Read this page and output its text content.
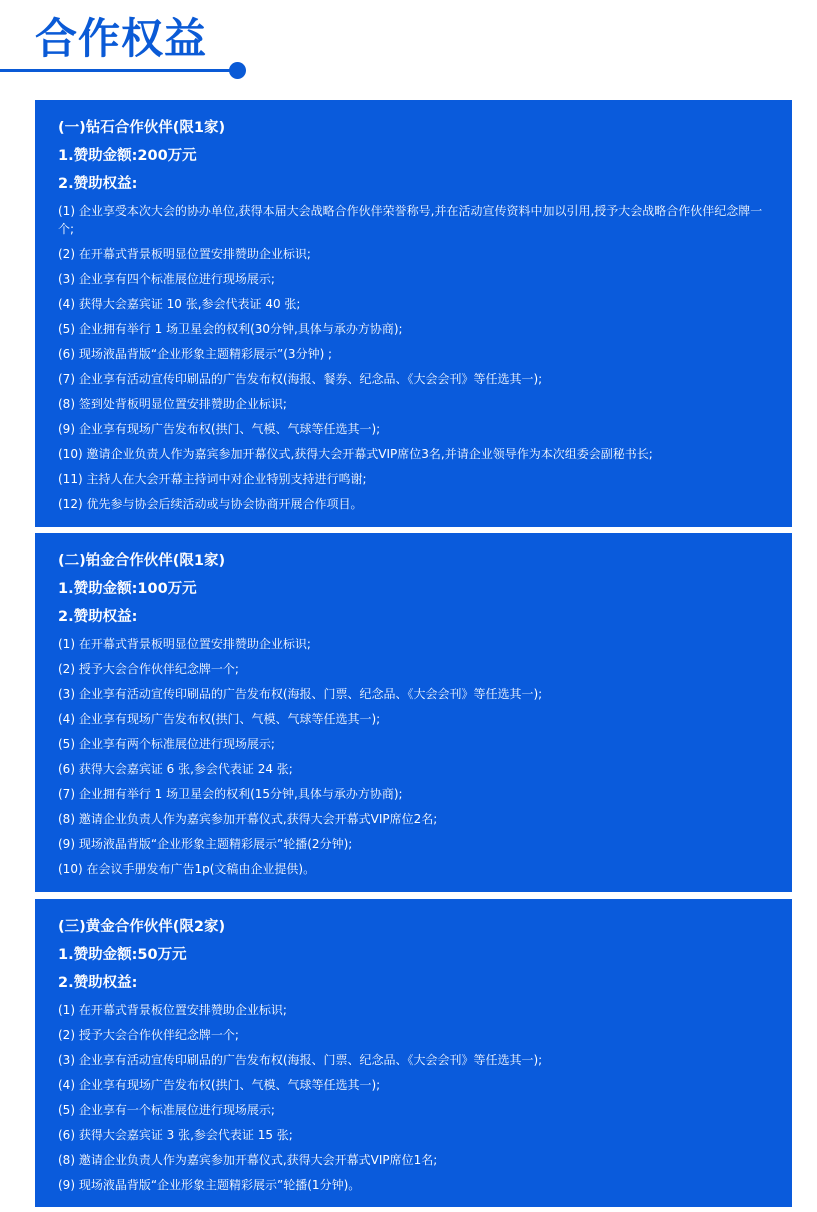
合作权益
(一)钻石合作伙伴(限1家)
1.赞助金额:200万元
2.赞助权益:
(1) 企业享受本次大会的协办单位,获得本届大会战略合作伙伴荣誉称号,并在活动宣传资料中加以引用,授予大会战略合作伙伴纪念牌一个;
(2) 在开幕式背景板明显位置安排赞助企业标识;
(3) 企业享有四个标准展位进行现场展示;
(4) 获得大会嘉宾证 10 张,参会代表证 40 张;
(5) 企业拥有举行 1 场卫星会的权利(30分钟,具体与承办方协商);
(6) 现场液晶背版“企业形象主题精彩展示”(3分钟) ;
(7) 企业享有活动宣传印刷品的广告发布权(海报、餐券、纪念品、《大会会刊》等任选其一);
(8) 签到处背板明显位置安排赞助企业标识;
(9) 企业享有现场广告发布权(拱门、气模、气球等任选其一);
(10) 邀请企业负责人作为嘉宾参加开幕仪式,获得大会开幕式VIP席位3名,并请企业领导作为本次组委会副秘书长;
(11) 主持人在大会开幕主持词中对企业特别支持进行鸣谢;
(12) 优先参与协会后续活动或与协会协商开展合作项目。
(二)铂金合作伙伴(限1家)
1.赞助金额:100万元
2.赞助权益:
(1) 在开幕式背景板明显位置安排赞助企业标识;
(2) 授予大会合作伙伴纪念牌一个;
(3) 企业享有活动宣传印刷品的广告发布权(海报、门票、纪念品、《大会会刊》等任选其一);
(4) 企业享有现场广告发布权(拱门、气模、气球等任选其一);
(5) 企业享有两个标准展位进行现场展示;
(6) 获得大会嘉宾证 6 张,参会代表证 24 张;
(7) 企业拥有举行 1 场卫星会的权利(15分钟,具体与承办方协商);
(8) 邀请企业负责人作为嘉宾参加开幕仪式,获得大会开幕式VIP席位2名;
(9) 现场液晶背版“企业形象主题精彩展示”轮播(2分钟);
(10) 在会议手册发布广告1p(文稿由企业提供)。
(三)黄金合作伙伴(限2家)
1.赞助金额:50万元
2.赞助权益:
(1) 在开幕式背景板位置安排赞助企业标识;
(2) 授予大会合作伙伴纪念牌一个;
(3) 企业享有活动宣传印刷品的广告发布权(海报、门票、纪念品、《大会会刊》等任选其一);
(4) 企业享有现场广告发布权(拱门、气模、气球等任选其一);
(5) 企业享有一个标准展位进行现场展示;
(6) 获得大会嘉宾证 3 张,参会代表证 15 张;
(8) 邀请企业负责人作为嘉宾参加开幕仪式,获得大会开幕式VIP席位1名;
(9) 现场液晶背版“企业形象主题精彩展示”轮播(1分钟)。
